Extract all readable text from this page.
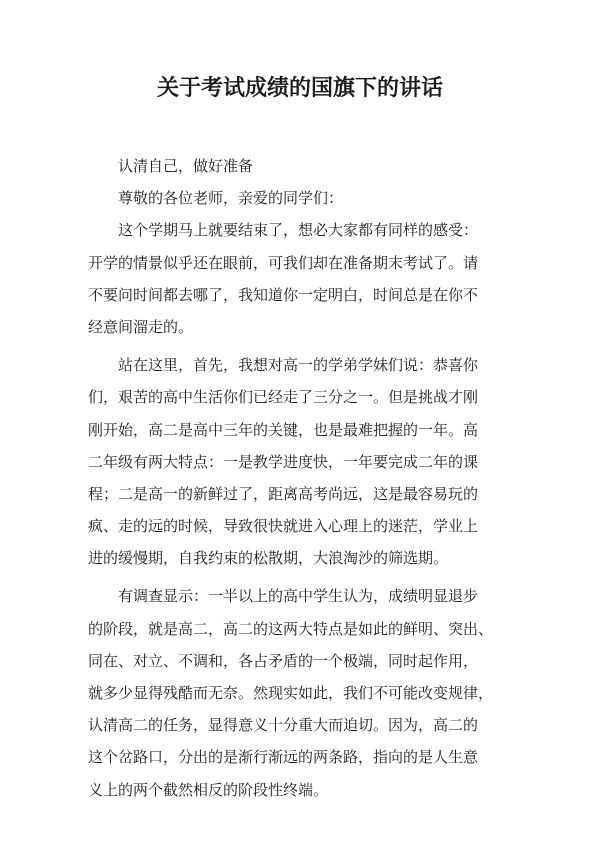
关于考试成绩的国旗下的讲话
认清自己，做好准备
尊敬的各位老师，亲爱的同学们：
这个学期马上就要结束了，想必大家都有同样的感受：
开学的情景似乎还在眼前，可我们却在准备期末考试了。请
不要问时间都去哪了，我知道你一定明白，时间总是在你不
经意间溜走的。
站在这里，首先，我想对高一的学弟学妹们说：恭喜你
们，艰苦的高中生活你们已经走了三分之一。但是挑战才刚
刚开始，高二是高中三年的关键，也是最难把握的一年。高
二年级有两大特点：一是教学进度快，一年要完成二年的课
程；二是高一的新鲜过了，距离高考尚远，这是最容易玩的
疯、走的远的时候，导致很快就进入心理上的迷茫，学业上
进的缓慢期，自我约束的松散期，大浪淘沙的筛选期。
有调查显示：一半以上的高中学生认为，成绩明显退步
的阶段，就是高二，高二的这两大特点是如此的鲜明、突出、
同在、对立、不调和，各占矛盾的一个极端，同时起作用，
就多少显得残酷而无奈。然现实如此，我们不可能改变规律，
认清高二的任务，显得意义十分重大而迫切。因为，高二的
这个岔路口，分出的是渐行渐远的两条路，指向的是人生意
义上的两个截然相反的阶段性终端。
